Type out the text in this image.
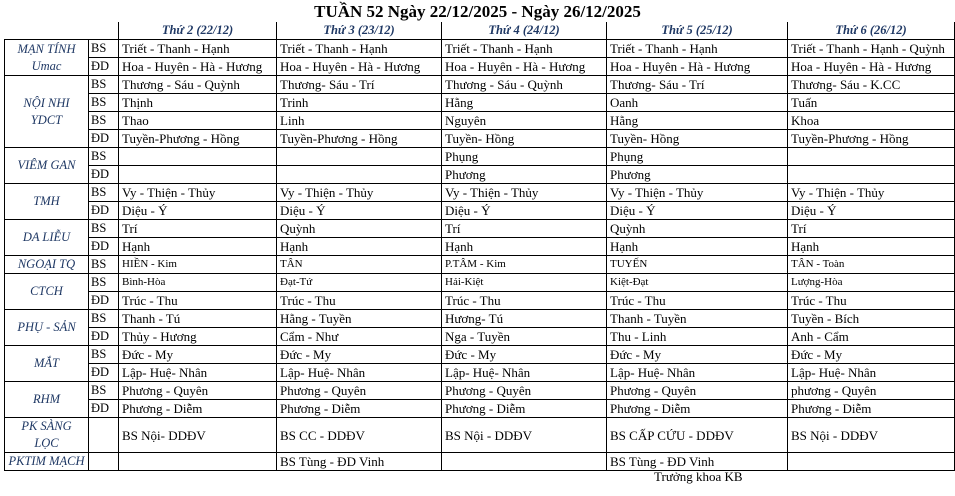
TUẦN 52 Ngày 22/12/2025 - Ngày 26/12/2025
		Thứ 2 (22/12)	Thứ 3 (23/12)	Thứ 4 (24/12)	Thứ 5 (25/12)	Thứ 6 (26/12)
MẠN TÍNH Umac	BS	Triết - Thanh - Hạnh	Triết - Thanh - Hạnh	Triết - Thanh - Hạnh	Triết - Thanh - Hạnh	Triết - Thanh - Hạnh - Quỳnh
	ĐD	Hoa - Huyên - Hà - Hương	Hoa - Huyên - Hà - Hương	Hoa - Huyên - Hà - Hương	Hoa - Huyên - Hà - Hương	Hoa - Huyên - Hà - Hương
NỘI NHI YDCT	BS	Thương - Sáu - Quỳnh	Thương- Sáu - Trí	Thương - Sáu - Quỳnh	Thương- Sáu - Trí	Thương- Sáu - K.CC
	BS	Thịnh	Trinh	Hằng	Oanh	Tuấn
	BS	Thao	Linh	Nguyên	Hằng	Khoa
	ĐD	Tuyền-Phương - Hồng	Tuyền-Phương - Hồng	Tuyền- Hồng	Tuyền- Hồng	Tuyền-Phương - Hồng
VIÊM GAN	BS			Phụng	Phụng	
	ĐD			Phương	Phương	
TMH	BS	Vy - Thiện - Thủy	Vy - Thiện - Thủy	Vy - Thiện - Thủy	Vy - Thiện - Thủy	Vy - Thiện - Thủy
	ĐD	Diệu - Ý	Diệu - Ý	Diệu - Ý	Diệu - Ý	Diệu - Ý
DA LIỄU	BS	Trí	Quỳnh	Trí	Quỳnh	Trí
	ĐD	Hạnh	Hạnh	Hạnh	Hạnh	Hạnh
NGOẠI TQ	BS	HIỀN - Kim	TÂN	P.TÂM - Kim	TUYẾN	TÂN - Toàn
CTCH	BS	Bình-Hòa	Đạt-Tứ	Hải-Kiệt	Kiệt-Đạt	Lượng-Hòa
	ĐD	Trúc - Thu	Trúc - Thu	Trúc - Thu	Trúc - Thu	Trúc - Thu
PHỤ - SẢN	BS	Thanh - Tú	Hằng - Tuyền	Hương- Tú	Thanh - Tuyền	Tuyền - Bích
	ĐD	Thủy - Hương	Cẩm - Như	Nga - Tuyền	Thu - Linh	Anh - Cẩm
MẮT	BS	Đức - My	Đức - My	Đức - My	Đức - My	Đức - My
	ĐD	Lập- Huệ- Nhân	Lập- Huệ- Nhân	Lập- Huệ- Nhân	Lập- Huệ- Nhân	Lập- Huệ- Nhân
RHM	BS	Phương - Quyên	Phương - Quyên	Phương - Quyên	Phương - Quyên	phương - Quyên
	ĐD	Phương - Diễm	Phương - Diễm	Phương - Diễm	Phương - Diễm	Phương - Diễm
PK SÀNG LỌC		BS Nội- DDĐV	BS CC - DDĐV	BS Nội - DDĐV	BS CẤP CỨU - DDĐV	BS Nội - DDĐV
PKTIM MẠCH			BS Tùng - ĐD Vinh		BS Tùng - ĐD Vinh	
Trưởng khoa KB
